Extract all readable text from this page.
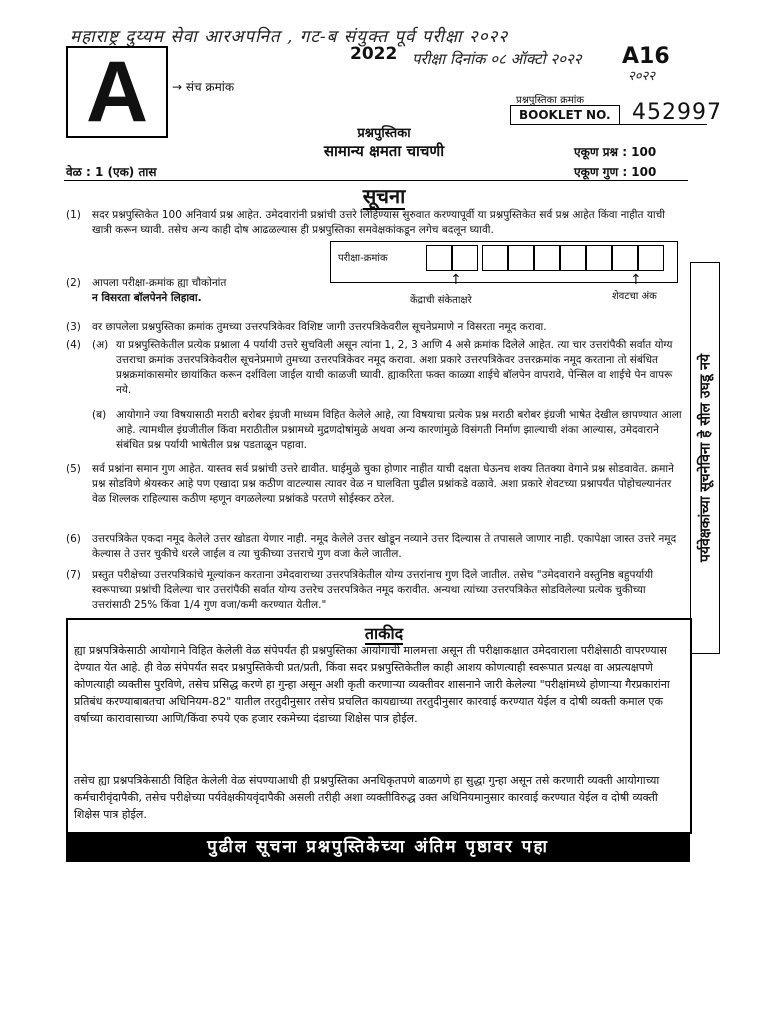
महाराष्ट्र दुय्यम सेवा आरअपनित , गट-ब संयुक्त पूर्व परीक्षा २०२२
2022 परीक्षा दिनांक ०८ ऑक्टो २०२२ A16
२०२२
A	→ संच क्रमांक
प्रश्नपुस्तिका क्रमांक
BOOKLET NO. 452997
प्रश्नपुस्तिका
सामान्य क्षमता चाचणी	एकूण प्रश्न : 100
वेळ : 1 (एक) तास	एकूण गुण : 100
सूचना
(1) सदर प्रश्नपुस्तिकेत 100 अनिवार्य प्रश्न आहेत. उमेदवारांनी प्रश्नांची उत्तरे लिहिण्यास सुरुवात करण्यापूर्वी या प्रश्नपुस्तिकेत सर्व प्रश्न आहेत किंवा नाहीत याची खात्री करून घ्यावी. तसेच अन्य काही दोष आढळल्यास ही प्रश्नपुस्तिका समवेक्षकांकडून लगेच बदलून घ्यावी.
(2) आपला परीक्षा-क्रमांक ह्या चौकोनांत
न विसरता बॉलपेनने लिहावा.
परीक्षा-क्रमांक
↑	↑
केंद्राची संकेताक्षरे	शेवटचा अंक
(3) वर छापलेला प्रश्नपुस्तिका क्रमांक तुमच्या उत्तरपत्रिकेवर विशिष्ट जागी उत्तरपत्रिकेवरील सूचनेप्रमाणे न विसरता नमूद करावा.
(4) (अ) या प्रश्नपुस्तिकेतील प्रत्येक प्रश्नाला 4 पर्यायी उत्तरे सुचविली असून त्यांना 1, 2, 3 आणि 4 असे क्रमांक दिलेले आहेत. त्या चार उत्तरांपैकी सर्वात योग्य उत्तराचा क्रमांक उत्तरपत्रिकेवरील सूचनेप्रमाणे तुमच्या उत्तरपत्रिकेवर नमूद करावा. अशा प्रकारे उत्तरपत्रिकेवर उत्तरक्रमांक नमूद करताना तो संबंधित प्रश्नक्रमांकासमोर छायांकित करून दर्शविला जाईल याची काळजी घ्यावी. ह्याकरिता फक्त काळ्या शाईचे बॉलपेन वापरावे, पेन्सिल वा शाईचे पेन वापरू नये.
(ब) आयोगाने ज्या विषयासाठी मराठी बरोबर इंग्रजी माध्यम विहित केलेले आहे, त्या विषयाचा प्रत्येक प्रश्न मराठी बरोबर इंग्रजी भाषेत देखील छापण्यात आला आहे. त्यामधील इंग्रजीतील किंवा मराठीतील प्रश्नामध्ये मुद्रणदोषांमुळे अथवा अन्य कारणांमुळे विसंगती निर्माण झाल्याची शंका आल्यास, उमेदवाराने संबंधित प्रश्न पर्यायी भाषेतील प्रश्न पडताळून पहावा.
(5) सर्व प्रश्नांना समान गुण आहेत. यास्तव सर्व प्रश्नांची उत्तरे द्यावीत. घाईमुळे चुका होणार नाहीत याची दक्षता घेऊनच शक्य तितक्या वेगाने प्रश्न सोडवावेत. क्रमाने प्रश्न सोडविणे श्रेयस्कर आहे पण एखादा प्रश्न कठीण वाटल्यास त्यावर वेळ न घालविता पुढील प्रश्नांकडे वळावे. अशा प्रकारे शेवटच्या प्रश्नापर्यंत पोहोचल्यानंतर वेळ शिल्लक राहिल्यास कठीण म्हणून वगळलेल्या प्रश्नांकडे परतणे सोईस्कर ठरेल.
(6) उत्तरपत्रिकेत एकदा नमूद केलेले उत्तर खोडता येणार नाही. नमूद केलेले उत्तर खोडून नव्याने उत्तर दिल्यास ते तपासले जाणार नाही. एकापेक्षा जास्त उत्तरे नमूद केल्यास ते उत्तर चुकीचे धरले जाईल व त्या चुकीच्या उत्तराचे गुण वजा केले जातील.
(7) प्रस्तुत परीक्षेच्या उत्तरपत्रिकांचे मूल्यांकन करताना उमेदवाराच्या उत्तरपत्रिकेतील योग्य उत्तरांनाच गुण दिले जातील. तसेच "उमेदवाराने वस्तुनिष्ठ बहुपर्यायी स्वरूपाच्या प्रश्नांची दिलेल्या चार उत्तरांपैकी सर्वात योग्य उत्तरेच उत्तरपत्रिकेत नमूद करावीत. अन्यथा त्यांच्या उत्तरपत्रिकेत सोडविलेल्या प्रत्येक चुकीच्या उत्तरांसाठी 25% किंवा 1/4 गुण वजा/कमी करण्यात येतील."
पर्यवेक्षकांच्या सूचनेविना हे सील उघडू नये
ताकीद
ह्या प्रश्नपत्रिकेसाठी आयोगाने विहित केलेली वेळ संपेपर्यंत ही प्रश्नपुस्तिका आयोगाची मालमत्ता असून ती परीक्षाकक्षात उमेदवाराला परीक्षेसाठी वापरण्यास देण्यात येत आहे. ही वेळ संपेपर्यंत सदर प्रश्नपुस्तिकेची प्रत/प्रती, किंवा सदर प्रश्नपुस्तिकेतील काही आशय कोणत्याही स्वरूपात प्रत्यक्ष वा अप्रत्यक्षपणे कोणत्याही व्यक्तीस पुरविणे, तसेच प्रसिद्ध करणे हा गुन्हा असून अशी कृती करणाऱ्या व्यक्तीवर शासनाने जारी केलेल्या "परीक्षांमध्ये होणाऱ्या गैरप्रकारांना प्रतिबंध करण्याबाबतचा अधिनियम-82" यातील तरतुदीनुसार तसेच प्रचलित कायद्याच्या तरतुदीनुसार कारवाई करण्यात येईल व दोषी व्यक्ती कमाल एक वर्षाच्या कारावासाच्या आणि/किंवा रुपये एक हजार रकमेच्या दंडाच्या शिक्षेस पात्र होईल.
तसेच ह्या प्रश्नपत्रिकेसाठी विहित केलेली वेळ संपण्याआधी ही प्रश्नपुस्तिका अनधिकृतपणे बाळगणे हा सुद्धा गुन्हा असून तसे करणारी व्यक्ती आयोगाच्या कर्मचारीवृंदापैकी, तसेच परीक्षेच्या पर्यवेक्षकीयवृंदापैकी असली तरीही अशा व्यक्तीविरुद्ध उक्त अधिनियमानुसार कारवाई करण्यात येईल व दोषी व्यक्ती शिक्षेस पात्र होईल.
पुढील सूचना प्रश्नपुस्तिकेच्या अंतिम पृष्ठावर पहा
